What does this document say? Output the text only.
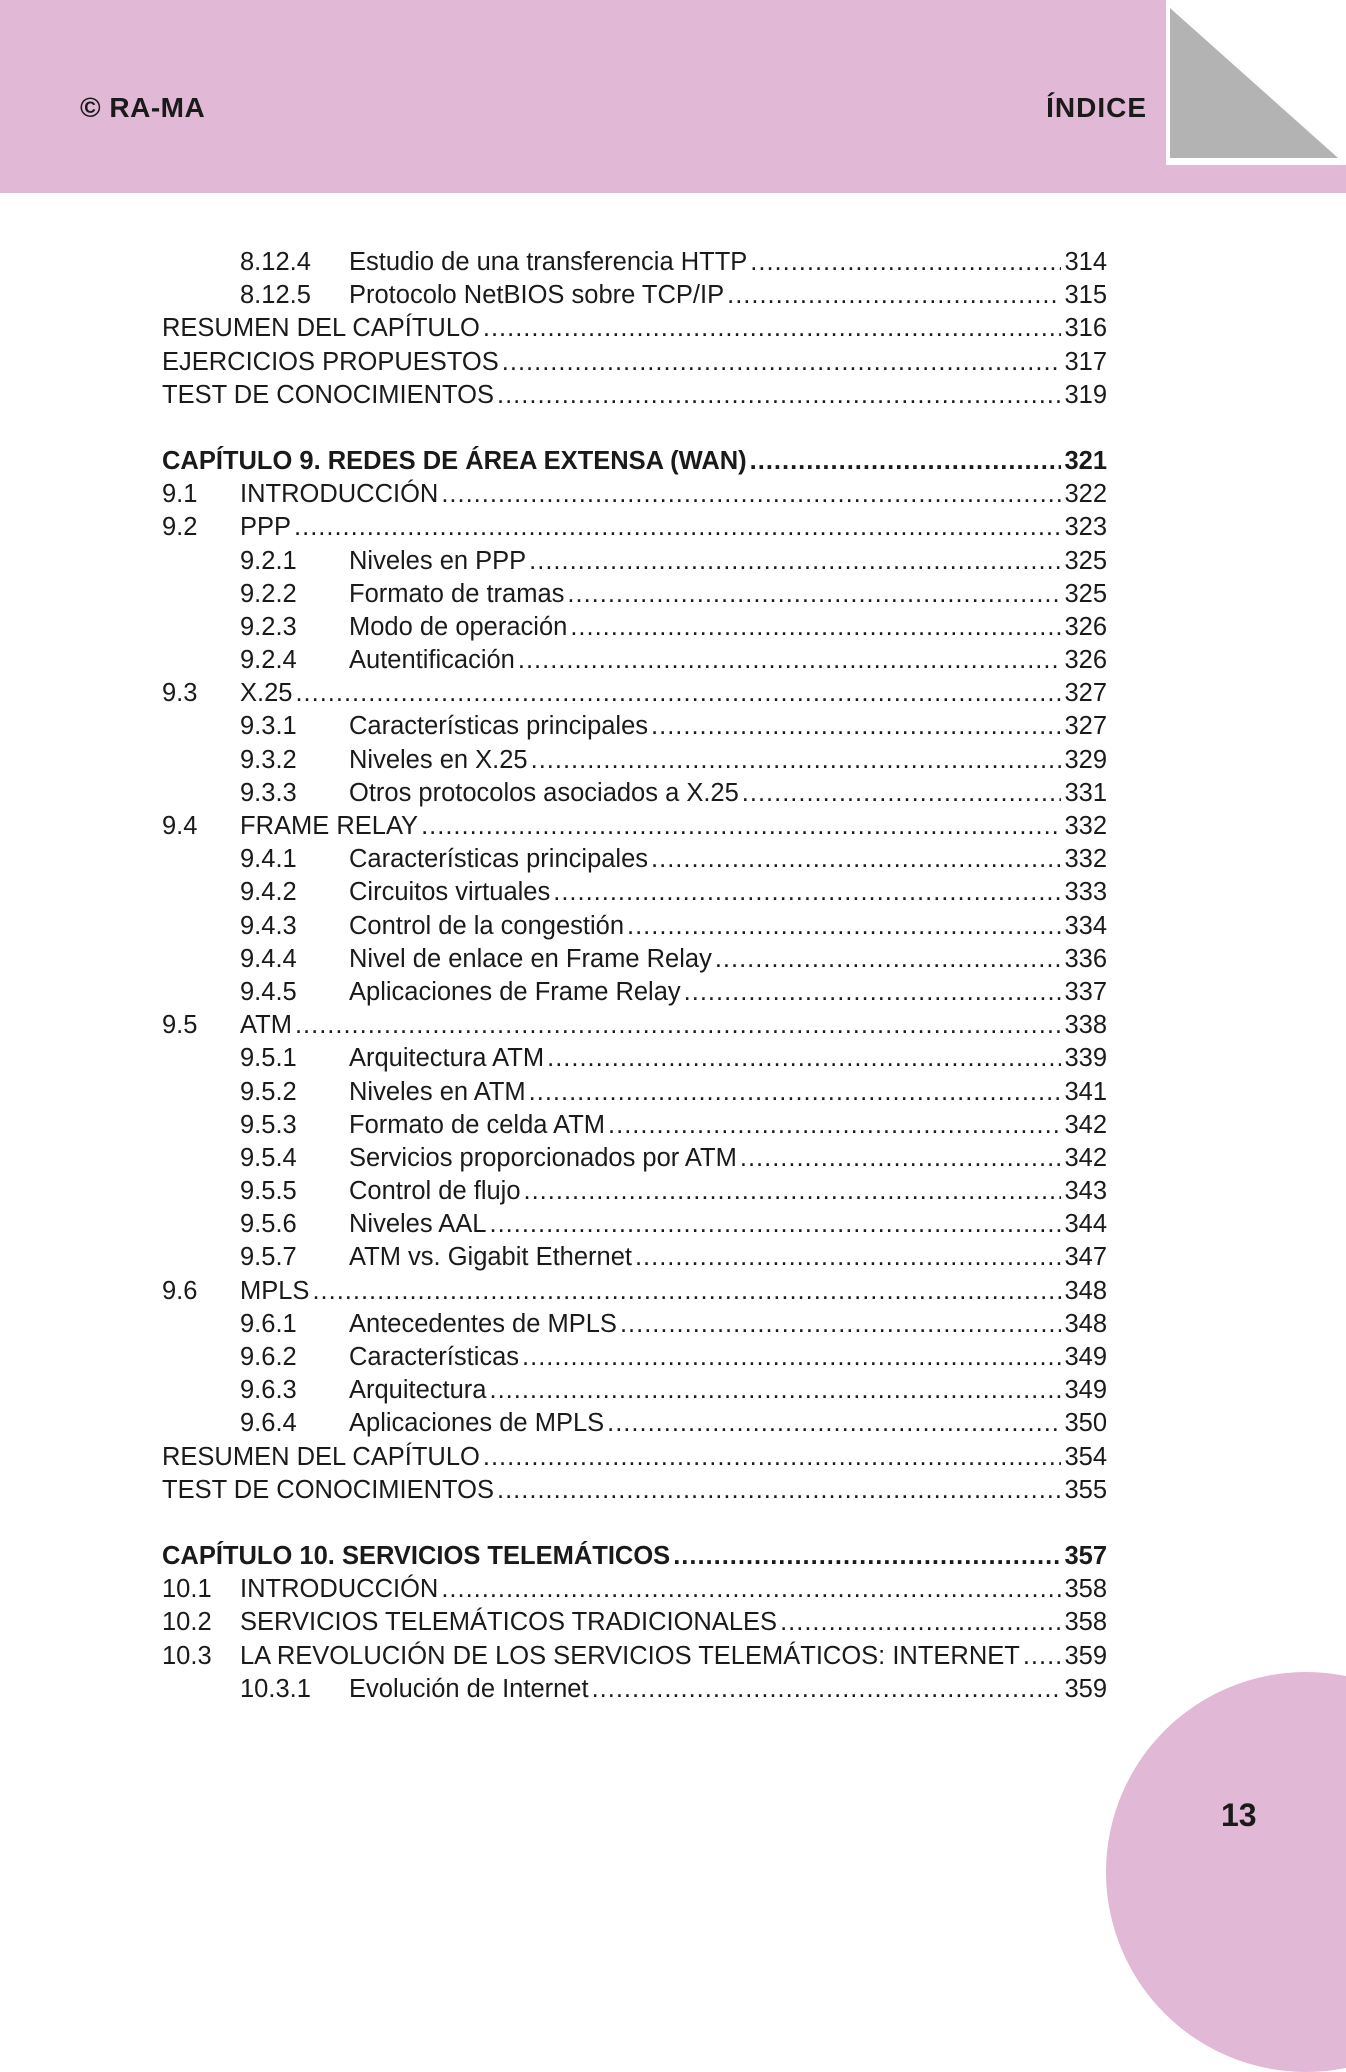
© RA-MA	ÍNDICE
8.12.4	Estudio de una transferencia HTTP .....	314
8.12.5	Protocolo NetBIOS sobre TCP/IP .....	315
RESUMEN DEL CAPÍTULO .....	316
EJERCICIOS PROPUESTOS .....	317
TEST DE CONOCIMIENTOS .....	319
CAPÍTULO 9. REDES DE ÁREA EXTENSA (WAN) .....	321
9.1	INTRODUCCIÓN .....	322
9.2	PPP .....	323
9.2.1	Niveles en PPP .....	325
9.2.2	Formato de tramas .....	325
9.2.3	Modo de operación .....	326
9.2.4	Autentificación .....	326
9.3	X.25 .....	327
9.3.1	Características principales .....	327
9.3.2	Niveles en X.25 .....	329
9.3.3	Otros protocolos asociados a X.25 .....	331
9.4	FRAME RELAY .....	332
9.4.1	Características principales .....	332
9.4.2	Circuitos virtuales .....	333
9.4.3	Control de la congestión .....	334
9.4.4	Nivel de enlace en Frame Relay .....	336
9.4.5	Aplicaciones de Frame Relay .....	337
9.5	ATM .....	338
9.5.1	Arquitectura ATM .....	339
9.5.2	Niveles en ATM .....	341
9.5.3	Formato de celda ATM .....	342
9.5.4	Servicios proporcionados por ATM .....	342
9.5.5	Control de flujo .....	343
9.5.6	Niveles AAL .....	344
9.5.7	ATM vs. Gigabit Ethernet .....	347
9.6	MPLS .....	348
9.6.1	Antecedentes de MPLS .....	348
9.6.2	Características .....	349
9.6.3	Arquitectura .....	349
9.6.4	Aplicaciones de MPLS .....	350
RESUMEN DEL CAPÍTULO .....	354
TEST DE CONOCIMIENTOS .....	355
CAPÍTULO 10. SERVICIOS TELEMÁTICOS .....	357
10.1	INTRODUCCIÓN .....	358
10.2	SERVICIOS TELEMÁTICOS TRADICIONALES .....	358
10.3	LA REVOLUCIÓN DE LOS SERVICIOS TELEMÁTICOS: INTERNET ..... 359
10.3.1	Evolución de Internet .....	359
13
